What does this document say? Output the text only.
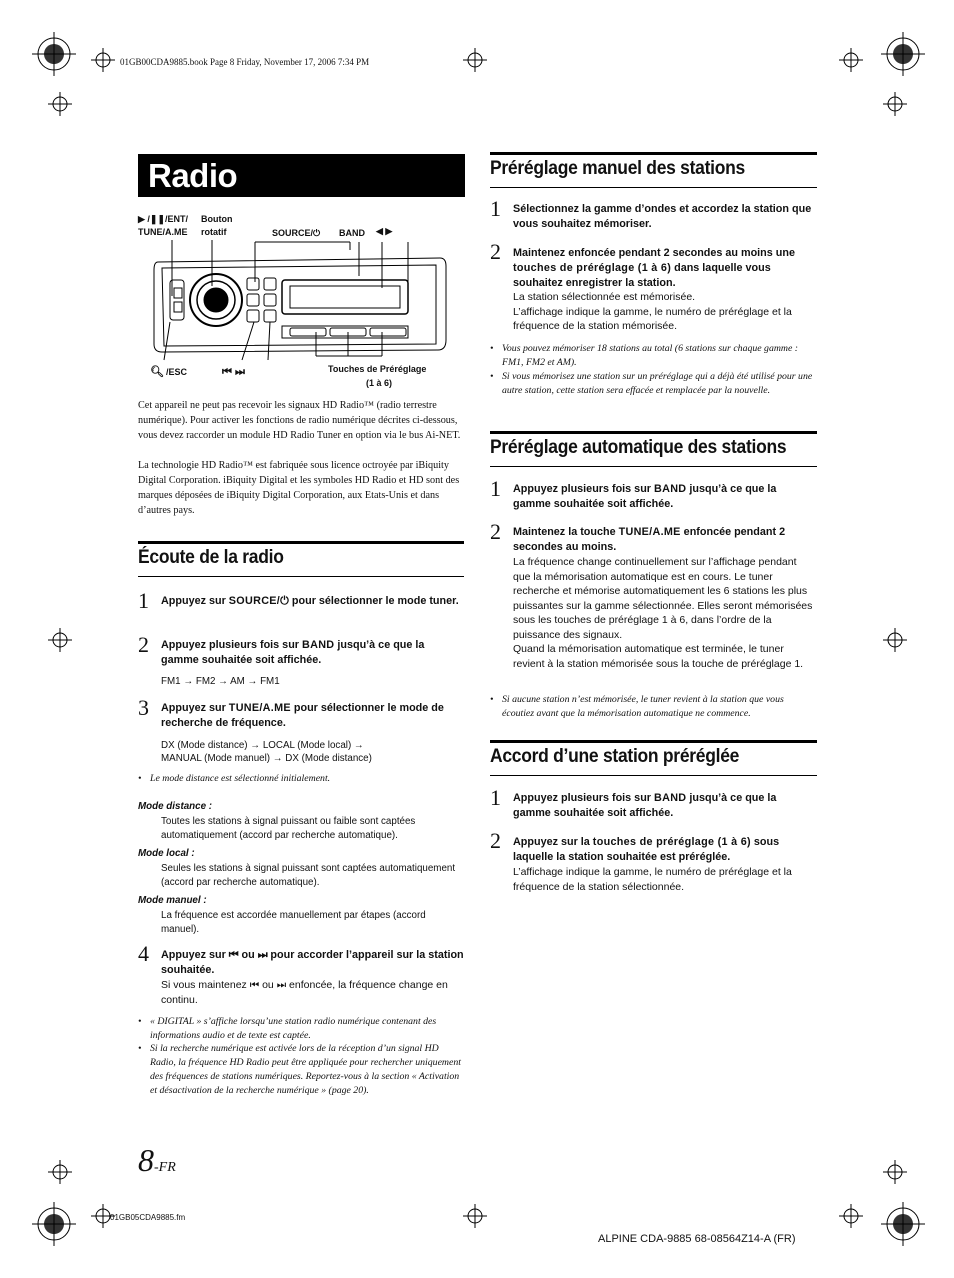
01GB00CDA9885.book Page 8 Friday, November 17, 2006 7:34 PM
Radio
▶ /❚❚/ENT/
TUNE/A.ME
Bouton
rotatif	SOURCE/⏻ BAND ◀ ▶
🔍︎ /ESC	⏮ ⏭	Touches de Préréglage
(1 à 6)
Cet appareil ne peut pas recevoir les signaux HD Radio™ (radio terrestre numérique). Pour activer les fonctions de radio numérique décrites ci-dessous, vous devez raccorder un module HD Radio Tuner en option via le bus Ai-NET.
La technologie HD Radio™ est fabriquée sous licence octroyée par iBiquity Digital Corporation. iBiquity Digital et les symboles HD Radio et HD sont des marques déposées de iBiquity Digital Corporation, aux Etats-Unis et dans d’autres pays.
Écoute de la radio
1 Appuyez sur SOURCE/⏻ pour sélectionner le mode tuner.
2 Appuyez plusieurs fois sur BAND jusqu’à ce que la gamme souhaitée soit affichée.
FM1 → FM2 → AM → FM1
3 Appuyez sur TUNE/A.ME pour sélectionner le mode de recherche de fréquence.
DX (Mode distance) → LOCAL (Mode local) →
MANUAL (Mode manuel) → DX (Mode distance)
• Le mode distance est sélectionné initialement.
Mode distance :
Toutes les stations à signal puissant ou faible sont captées automatiquement (accord par recherche automatique).
Mode local :
Seules les stations à signal puissant sont captées automatiquement (accord par recherche automatique).
Mode manuel :
La fréquence est accordée manuellement par étapes (accord manuel).
4 Appuyez sur ⏮ ou ⏭ pour accorder l’appareil sur la station souhaitée.
Si vous maintenez ⏮ ou ⏭ enfoncée, la fréquence change en continu.
• « DIGITAL » s’affiche lorsqu’une station radio numérique contenant des informations audio et de texte est captée.
• Si la recherche numérique est activée lors de la réception d’un signal HD Radio, la fréquence HD Radio peut être appliquée pour rechercher uniquement des fréquences de stations numériques. Reportez-vous à la section « Activation et désactivation de la recherche numérique » (page 20).
8-FR
Préréglage manuel des stations
1 Sélectionnez la gamme d’ondes et accordez la station que vous souhaitez mémoriser.
2 Maintenez enfoncée pendant 2 secondes au moins une touches de préréglage (1 à 6) dans laquelle vous souhaitez enregistrer la station.
La station sélectionnée est mémorisée.
L’affichage indique la gamme, le numéro de préréglage et la fréquence de la station mémorisée.
• Vous pouvez mémoriser 18 stations au total (6 stations sur chaque gamme : FM1, FM2 et AM).
• Si vous mémorisez une station sur un préréglage qui a déjà été utilisé pour une autre station, cette station sera effacée et remplacée par la nouvelle.
Préréglage automatique des stations
1 Appuyez plusieurs fois sur BAND jusqu’à ce que la gamme souhaitée soit affichée.
2 Maintenez la touche TUNE/A.ME enfoncée pendant 2 secondes au moins.
La fréquence change continuellement sur l’affichage pendant que la mémorisation automatique est en cours. Le tuner recherche et mémorise automatiquement les 6 stations les plus puissantes sur la gamme sélectionnée. Elles seront mémorisées sous les touches de préréglage 1 à 6, dans l’ordre de la puissance des signaux.
Quand la mémorisation automatique est terminée, le tuner revient à la station mémorisée sous la touche de préréglage 1.
• Si aucune station n’est mémorisée, le tuner revient à la station que vous écoutiez avant que la mémorisation automatique ne commence.
Accord d’une station préréglée
1 Appuyez plusieurs fois sur BAND jusqu’à ce que la gamme souhaitée soit affichée.
2 Appuyez sur la touches de préréglage (1 à 6) sous laquelle la station souhaitée est préréglée.
L’affichage indique la gamme, le numéro de préréglage et la fréquence de la station sélectionnée.
01GB05CDA9885.fm
ALPINE CDA-9885 68-08564Z14-A (FR)
